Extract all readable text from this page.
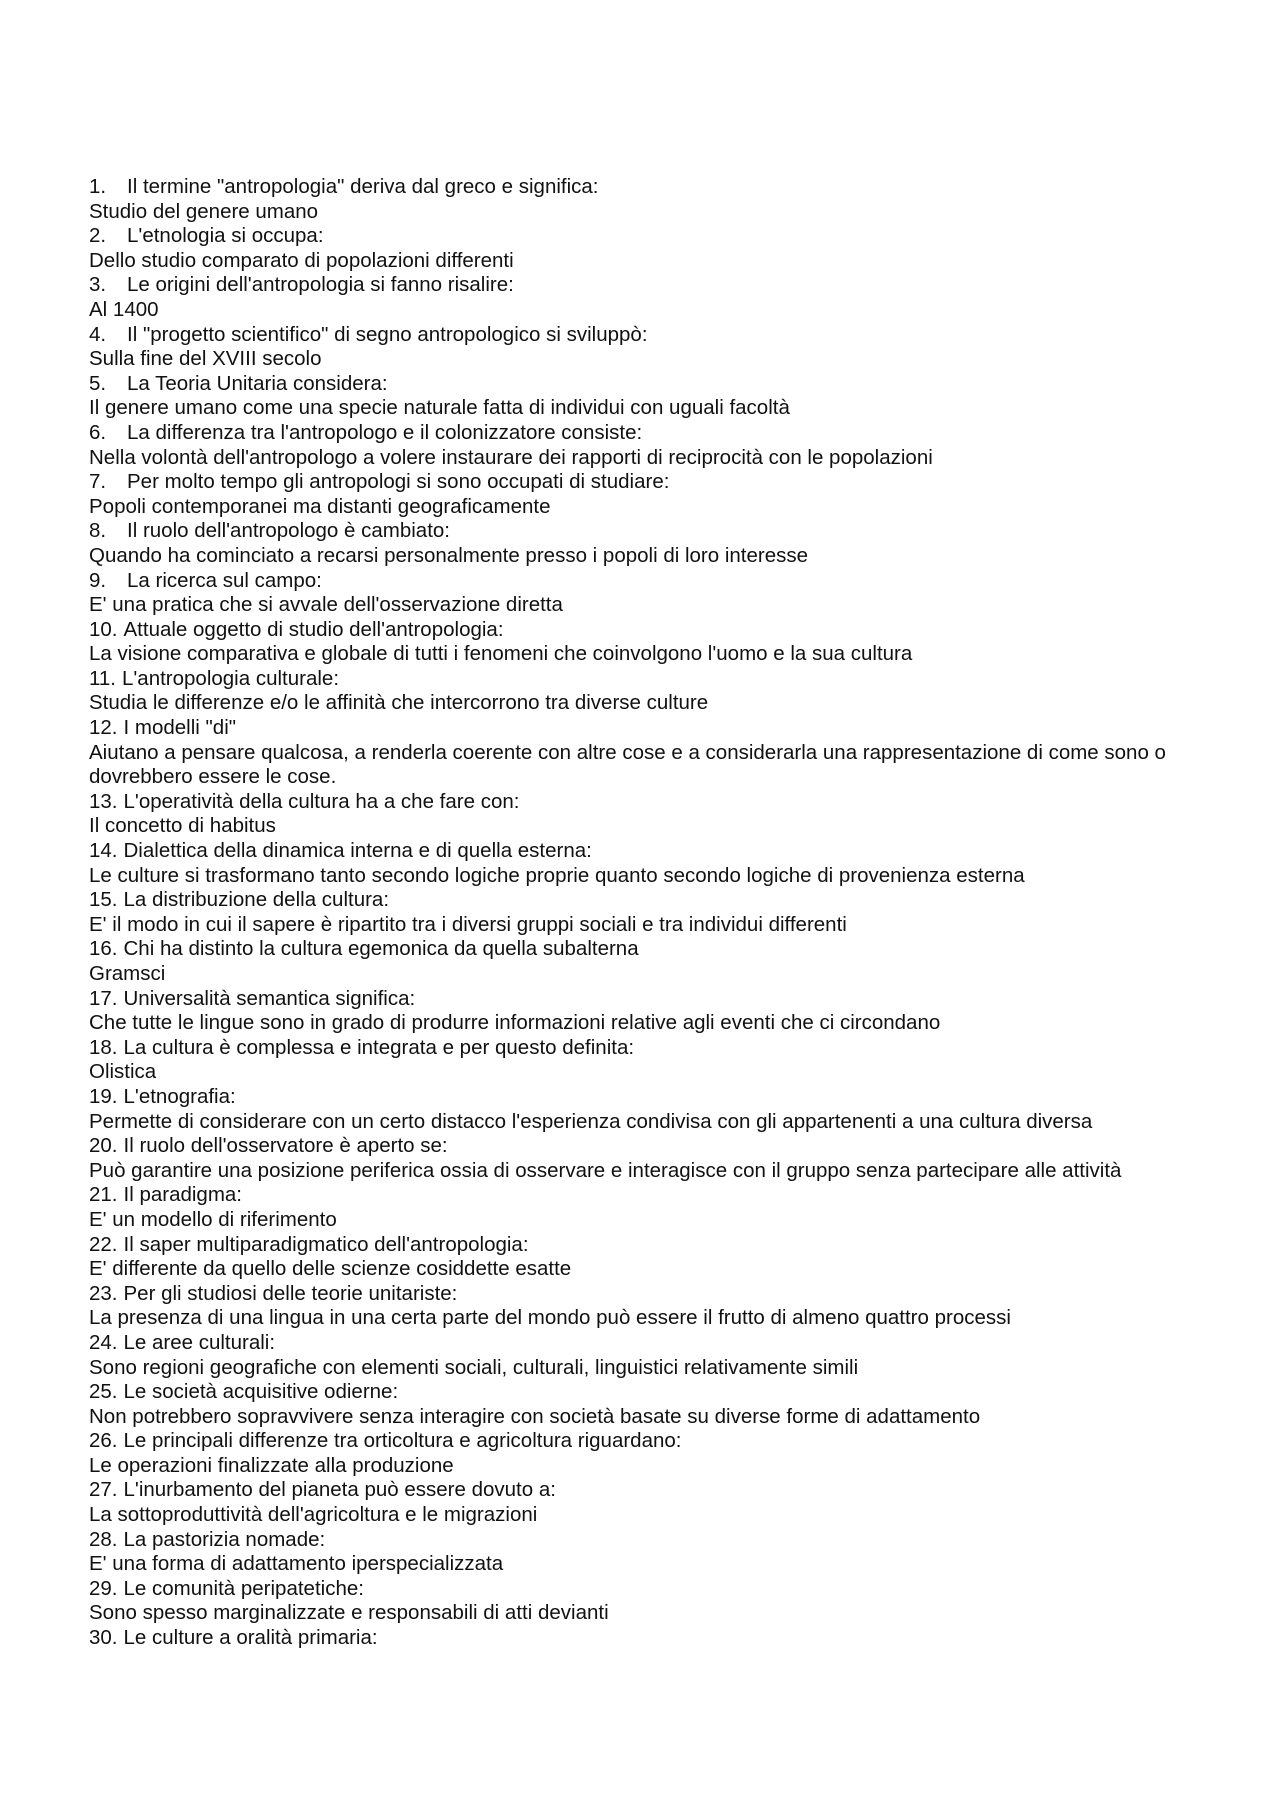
1.	Il termine "antropologia" deriva dal greco e significa:
Studio del genere umano
2.	L'etnologia si occupa:
Dello studio comparato di popolazioni differenti
3.	Le origini dell'antropologia si fanno risalire:
Al 1400
4.	Il "progetto scientifico" di segno antropologico si sviluppò:
Sulla fine del XVIII secolo
5.	La Teoria Unitaria considera:
Il genere umano come una specie naturale fatta di individui con uguali facoltà
6.	La differenza tra l'antropologo e il colonizzatore consiste:
Nella volontà dell'antropologo a volere instaurare dei rapporti di reciprocità con le popolazioni
7.	Per molto tempo gli antropologi si sono occupati di studiare:
Popoli contemporanei ma distanti geograficamente
8.	Il ruolo dell'antropologo è cambiato:
Quando ha cominciato a recarsi personalmente presso i popoli di loro interesse
9.	La ricerca sul campo:
E' una pratica che si avvale dell'osservazione diretta
10. Attuale oggetto di studio dell'antropologia:
La visione comparativa e globale di tutti i fenomeni che coinvolgono l'uomo e la sua cultura
11. L'antropologia culturale:
Studia le differenze e/o le affinità che intercorrono tra diverse culture
12. I modelli "di"
Aiutano a pensare qualcosa, a renderla coerente con altre cose e a considerarla una rappresentazione di come sono o dovrebbero essere le cose.
13. L'operatività della cultura ha a che fare con:
Il concetto di habitus
14. Dialettica della dinamica interna e di quella esterna:
Le culture si trasformano tanto secondo logiche proprie quanto secondo logiche di provenienza esterna
15. La distribuzione della cultura:
E' il modo in cui il sapere è ripartito tra i diversi gruppi sociali e tra individui differenti
16. Chi ha distinto la cultura egemonica da quella subalterna
Gramsci
17. Universalità semantica significa:
Che tutte le lingue sono in grado di produrre informazioni relative agli eventi che ci circondano
18. La cultura è complessa e integrata e per questo definita:
Olistica
19. L'etnografia:
Permette di considerare con un certo distacco l'esperienza condivisa con gli appartenenti a una cultura diversa
20. Il ruolo dell'osservatore è aperto se:
Può garantire una posizione periferica ossia di osservare e interagisce con il gruppo senza partecipare alle attività
21. Il paradigma:
E' un modello di riferimento
22. Il saper multiparadigmatico dell'antropologia:
E' differente da quello delle scienze cosiddette esatte
23. Per gli studiosi delle teorie unitariste:
La presenza di una lingua in una certa parte del mondo può essere il frutto di almeno quattro processi
24. Le aree culturali:
Sono regioni geografiche con elementi sociali, culturali, linguistici relativamente simili
25. Le società acquisitive odierne:
Non potrebbero sopravvivere senza interagire con società basate su diverse forme di adattamento
26. Le principali differenze tra orticoltura e agricoltura riguardano:
Le operazioni finalizzate alla produzione
27. L'inurbamento del pianeta può essere dovuto a:
La sottoproduttività dell'agricoltura e le migrazioni
28. La pastorizia nomade:
E' una forma di adattamento iperspecializzata
29. Le comunità peripatetiche:
Sono spesso marginalizzate e responsabili di atti devianti
30. Le culture a oralità primaria:
